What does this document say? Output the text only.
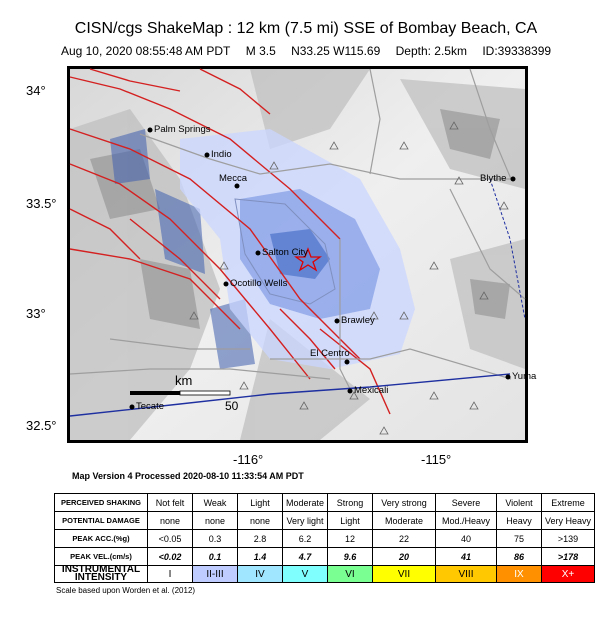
CISN/cgs ShakeMap : 12 km (7.5 mi) SSE of Bombay Beach, CA
Aug 10, 2020 08:55:48 AM PDT M 3.5 N33.25 W115.69 Depth: 2.5km ID:39338399
34°
33.5°
33°
32.5°
-116°	-115°
Palm Springs
Indio
Mecca	Blythe
Salton City
Ocotillo Wells
Brawley
El Centro
Mexicali
Tecate
Yuma
km
50
Map Version 4 Processed 2020-08-10 11:33:54 AM PDT
PERCEIVED SHAKING	Not felt	Weak	Light	Moderate	Strong	Very strong	Severe	Violent	Extreme
POTENTIAL DAMAGE	none	none	none	Very light	Light	Moderate	Mod./Heavy	Heavy	Very Heavy
PEAK ACC.(%g)	<0.05	0.3	2.8	6.2	12	22	40	75	>139
PEAK VEL.(cm/s)	<0.02	0.1	1.4	4.7	9.6	20	41	86	>178
INSTRUMENTAL INTENSITY	I	II-III	IV	V	VI	VII	VIII	IX	X+
Scale based upon Worden et al. (2012)
